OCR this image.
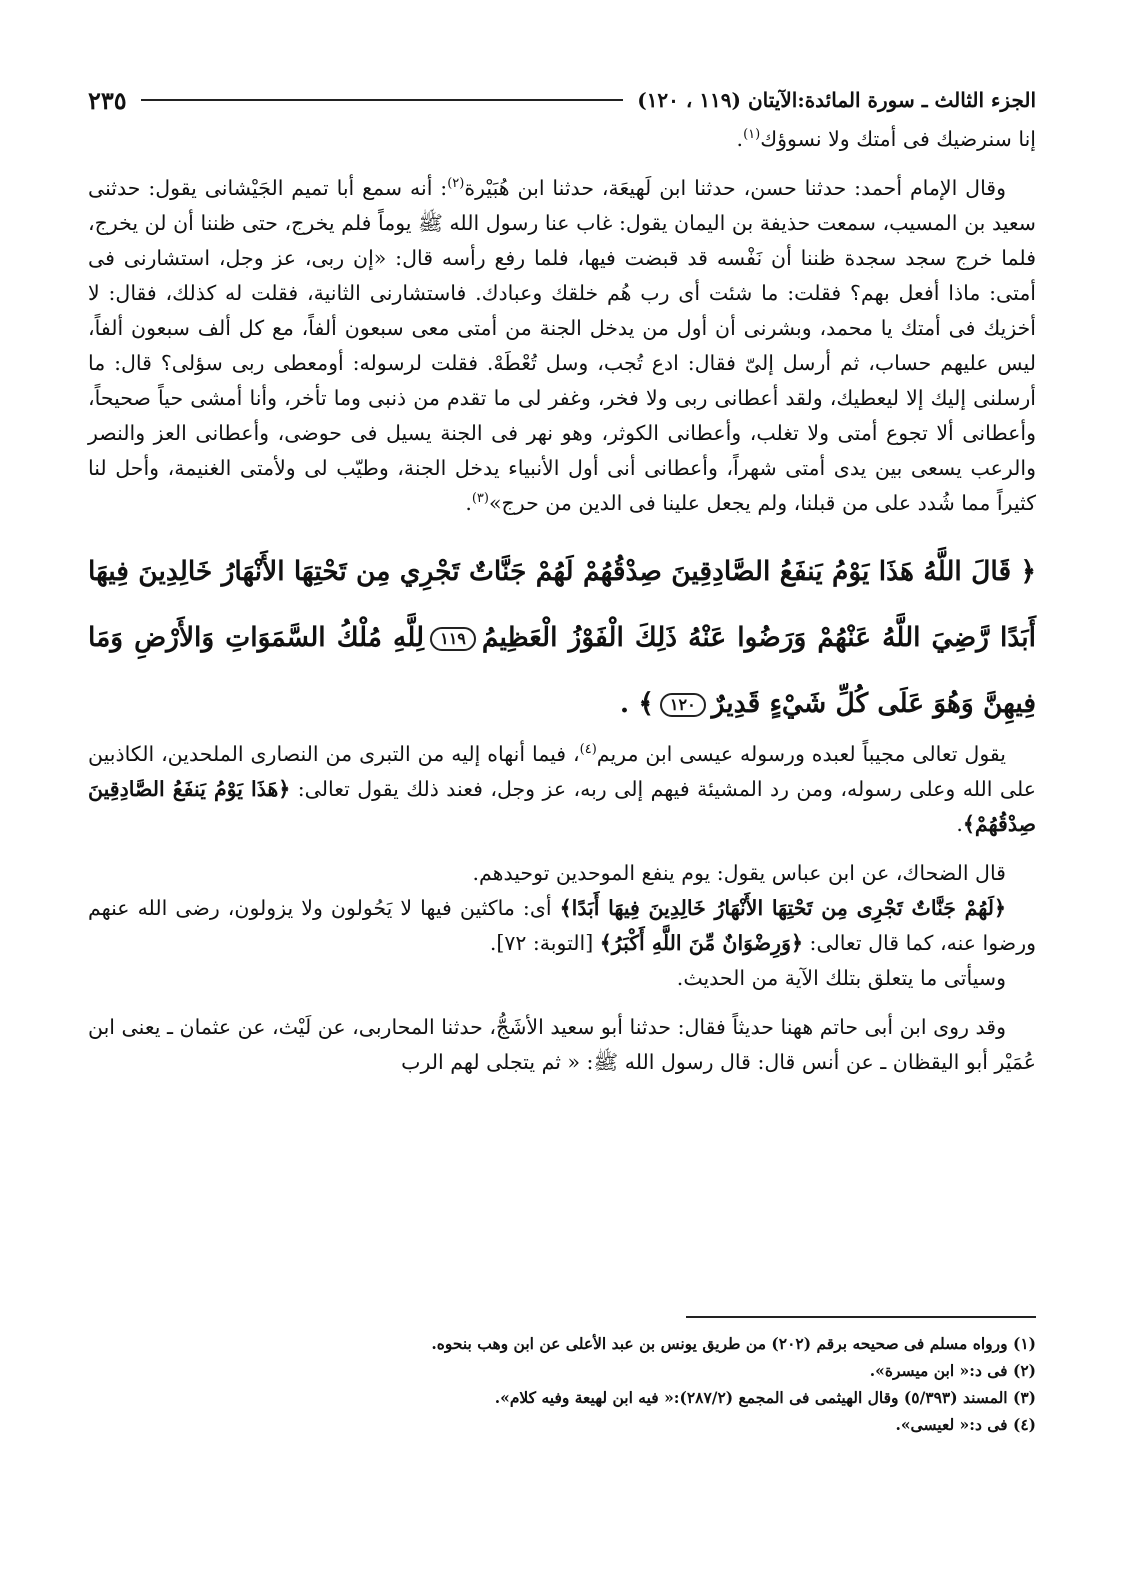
الجزء الثالث ـ سورة المائدة:الآيتان (١١٩ ، ١٢٠)
٢٣٥

إنا سنرضيك فى أمتك ولا نسوؤك$^{(١)}$.

وقال الإمام أحمد: حدثنا حسن، حدثنا ابن لَهيعَة، حدثنا ابن هُبَيْرة$^{(٢)}$: أنه سمع أبا تميم الجَيْشانى يقول: حدثنى سعيد بن المسيب، سمعت حذيفة بن اليمان يقول: غاب عنا رسول الله ﷺ يوماً فلم يخرج، حتى ظننا أن لن يخرج، فلما خرج سجد سجدة ظننا أن نَفْسه قد قبضت فيها، فلما رفع رأسه قال: «إن ربى، عز وجل، استشارنى فى أمتى: ماذا أفعل بهم؟ فقلت: ما شئت أى رب هُم خلقك وعبادك. فاستشارنى الثانية، فقلت له كذلك، فقال: لا أخزيك فى أمتك يا محمد، وبشرنى أن أول من يدخل الجنة من أمتى معى سبعون ألفاً، مع كل ألف سبعون ألفاً، ليس عليهم حساب، ثم أرسل إلىّ فقال: ادع تُجب، وسل تُعْطَهْ. فقلت لرسوله: أومعطى ربى سؤلى؟ قال: ما أرسلنى إليك إلا ليعطيك، ولقد أعطانى ربى ولا فخر، وغفر لى ما تقدم من ذنبى وما تأخر، وأنا أمشى حياً صحيحاً، وأعطانى ألا تجوع أمتى ولا تغلب، وأعطانى الكوثر، وهو نهر فى الجنة يسيل فى حوضى، وأعطانى العز والنصر والرعب يسعى بين يدى أمتى شهراً، وأعطانى أنى أول الأنبياء يدخل الجنة، وطيّب لى ولأمتى الغنيمة، وأحل لنا كثيراً مما شُدد على من قبلنا، ولم يجعل علينا فى الدين من حرج»$^{(٣)}$.

﴿ قَالَ اللَّهُ هَذَا يَوْمُ يَنفَعُ الصَّادِقِينَ صِدْقُهُمْ لَهُمْ جَنَّاتٌ تَجْرِي مِن تَحْتِهَا الأَنْهَارُ خَالِدِينَ فِيهَا أَبَدًا رَّضِيَ اللَّهُ عَنْهُمْ وَرَضُوا عَنْهُ ذَلِكَ الْفَوْزُ الْعَظِيمُ١١٩لِلَّهِ مُلْكُ السَّمَوَاتِ وَالأَرْضِ وَمَا فِيهِنَّ وَهُوَ عَلَى كُلِّ شَيْءٍ قَدِيرٌ١٢٠﴾ .

يقول تعالى مجيباً لعبده ورسوله عيسى ابن مريم$^{(٤)}$، فيما أنهاه إليه من التبرى من النصارى الملحدين، الكاذبين على الله وعلى رسوله، ومن رد المشيئة فيهم إلى ربه، عز وجل، فعند ذلك يقول تعالى: ﴿هَذَا يَوْمُ يَنفَعُ الصَّادِقِينَ صِدْقُهُمْ﴾.

قال الضحاك، عن ابن عباس يقول: يوم ينفع الموحدين توحيدهم.

﴿لَهُمْ جَنَّاتٌ تَجْرِى مِن تَحْتِهَا الأَنْهَارُ خَالِدِينَ فِيهَا أَبَدًا﴾ أى: ماكثين فيها لا يَحُولون ولا يزولون، رضى الله عنهم ورضوا عنه، كما قال تعالى: ﴿وَرِضْوَانٌ مِّنَ اللَّهِ أَكْبَرُ﴾ [التوبة: ٧٢].

وسيأتى ما يتعلق بتلك الآية من الحديث.

وقد روى ابن أبى حاتم ههنا حديثاً فقال: حدثنا أبو سعيد الأشَجُّ، حدثنا المحاربى، عن لَيْث، عن عثمان ـ يعنى ابن عُمَيْر أبو اليقظان ـ عن أنس قال: قال رسول الله ﷺ: « ثم يتجلى لهم الرب

(١) ورواه مسلم فى صحيحه برقم (٢٠٢) من طريق يونس بن عبد الأعلى عن ابن وهب بنحوه.
(٢) فى د:« ابن ميسرة».
(٣) المسند (٥/٣٩٣) وقال الهيثمى فى المجمع (٢٨٧/٢):« فيه ابن لهيعة وفيه كلام».
(٤) فى د:« لعيسى».
